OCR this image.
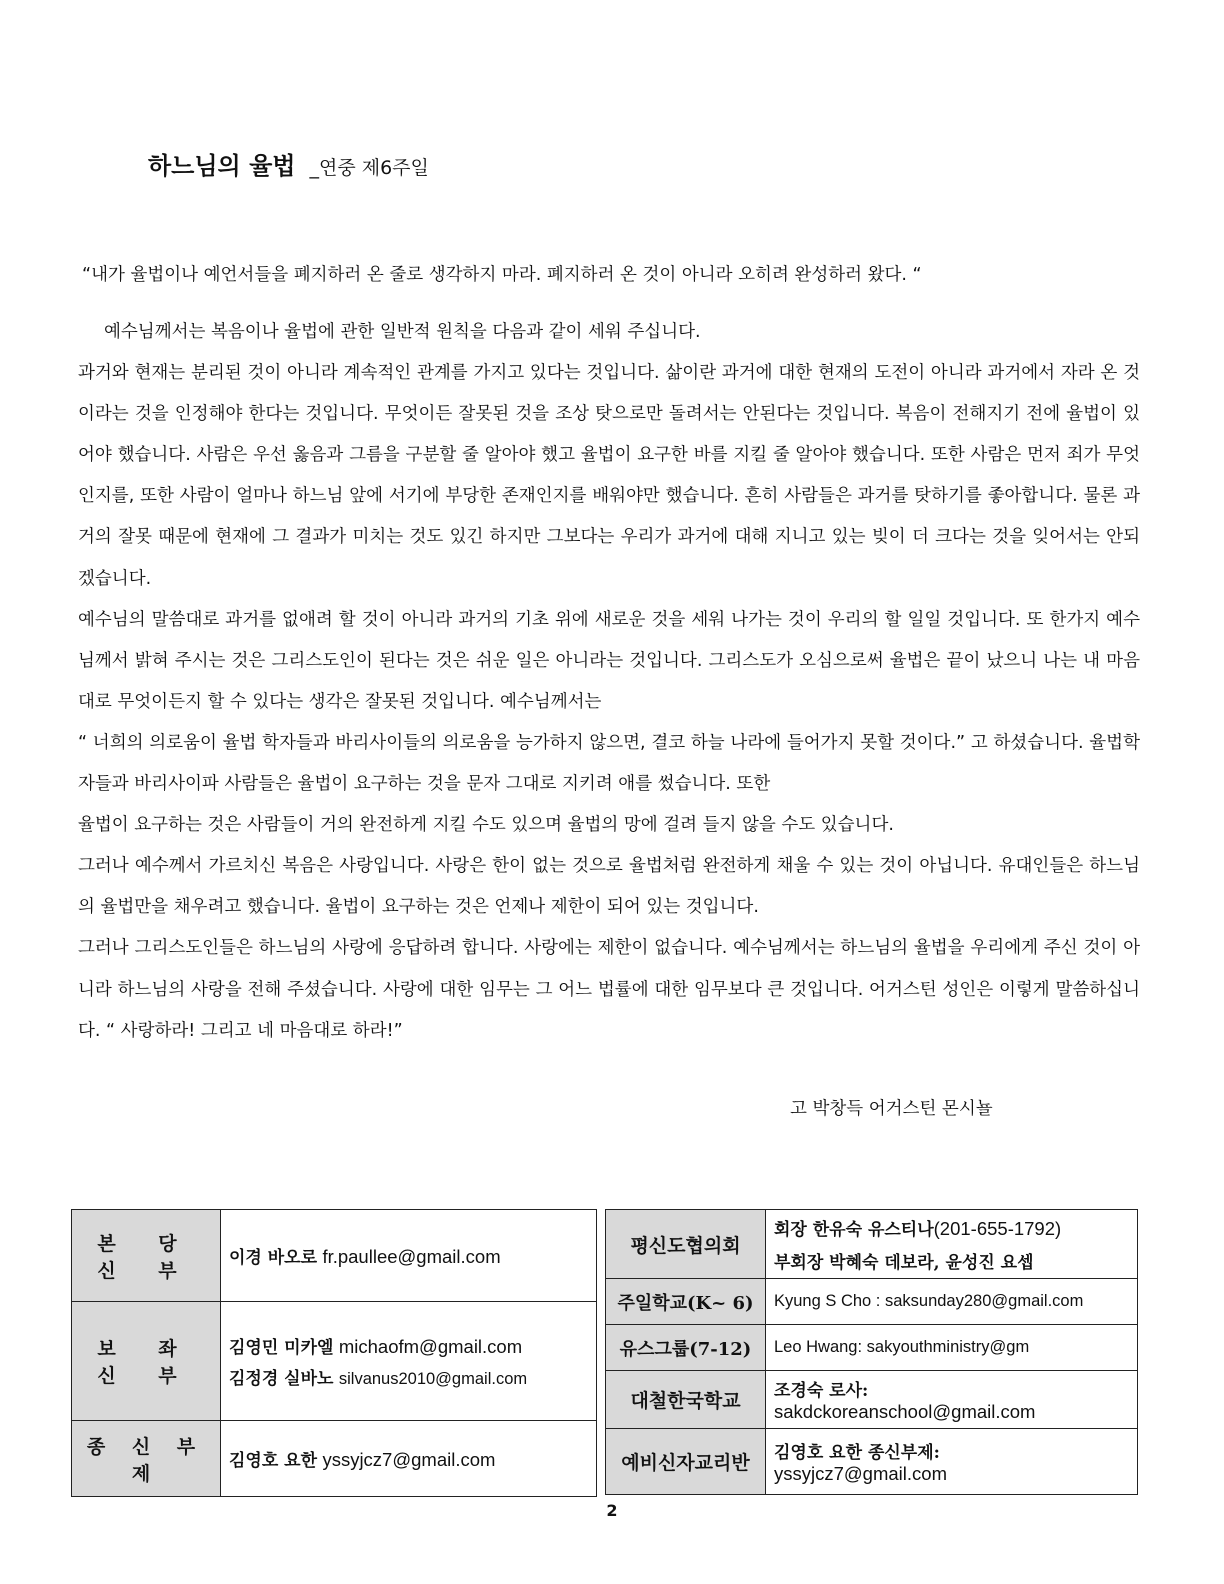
하느님의 율법 _연중 제6주일
“내가 율법이나 예언서들을 폐지하러 온 줄로 생각하지 마라. 폐지하러 온 것이 아니라 오히려 완성하러 왔다. “

예수님께서는 복음이나 율법에 관한 일반적 원칙을 다음과 같이 세워 주십니다.

과거와 현재는 분리된 것이 아니라 계속적인 관계를 가지고 있다는 것입니다. 삶이란 과거에 대한 현재의 도전이 아니라 과거에서 자라 온 것이라는 것을 인정해야 한다는 것입니다. 무엇이든 잘못된 것을 조상 탓으로만 돌려서는 안된다는 것입니다. 복음이 전해지기 전에 율법이 있어야 했습니다. 사람은 우선 옳음과 그름을 구분할 줄 알아야 했고 율법이 요구한 바를 지킬 줄 알아야 했습니다. 또한 사람은 먼저 죄가 무엇인지를, 또한 사람이 얼마나 하느님 앞에 서기에 부당한 존재인지를 배워야만 했습니다. 흔히 사람들은 과거를 탓하기를 좋아합니다. 물론 과거의 잘못 때문에 현재에 그 결과가 미치는 것도 있긴 하지만 그보다는 우리가 과거에 대해 지니고 있는 빚이 더 크다는 것을 잊어서는 안되겠습니다.

예수님의 말씀대로 과거를 없애려 할 것이 아니라 과거의 기초 위에 새로운 것을 세워 나가는 것이 우리의 할 일일 것입니다. 또 한가지 예수님께서 밝혀 주시는 것은 그리스도인이 된다는 것은 쉬운 일은 아니라는 것입니다. 그리스도가 오심으로써 율법은 끝이 났으니 나는 내 마음대로 무엇이든지 할 수 있다는 생각은 잘못된 것입니다. 예수님께서는

“ 너희의 의로움이 율법 학자들과 바리사이들의 의로움을 능가하지 않으면, 결코 하늘 나라에 들어가지 못할 것이다.” 고 하셨습니다. 율법학자들과 바리사이파 사람들은 율법이 요구하는 것을 문자 그대로 지키려 애를 썼습니다. 또한

율법이 요구하는 것은 사람들이 거의 완전하게 지킬 수도 있으며 율법의 망에 걸려 들지 않을 수도 있습니다.

그러나 예수께서 가르치신 복음은 사랑입니다. 사랑은 한이 없는 것으로 율법처럼 완전하게 채울 수 있는 것이 아닙니다. 유대인들은 하느님의 율법만을 채우려고 했습니다. 율법이 요구하는 것은 언제나 제한이 되어 있는 것입니다.

그러나 그리스도인들은 하느님의 사랑에 응답하려 합니다. 사랑에는 제한이 없습니다. 예수님께서는 하느님의 율법을 우리에게 주신 것이 아니라 하느님의 사랑을 전해 주셨습니다. 사랑에 대한 임무는 그 어느 법률에 대한 임무보다 큰 것입니다. 어거스틴 성인은 이렇게 말씀하십니다. “ 사랑하라! 그리고 네 마음대로 하라!”

고 박창득 어거스틴 몬시뇰
본 당 신 부	이경 바오로 fr.paullee@gmail.com
보 좌 신 부	김영민 미카엘 michaofm@gmail.com
김정경 실바노 silvanus2010@gmail.com

종 신 부 제	김영호 요한 yssyjcz7@gmail.com
평신도협의회	회장 한유숙 유스티나(201-655-1792)
부회장 박혜숙 데보라, 윤성진 요셉

주일학교(K~ 6)	Kyung S Cho : saksunday280@gmail.com
유스그룹(7-12)	Leo Hwang: sakyouthministry@gm
대철한국학교	조경숙 로사:
sakdckoreanschool@gmail.com

예비신자교리반	김영호 요한 종신부제:
yssyjcz7@gmail.com
2
